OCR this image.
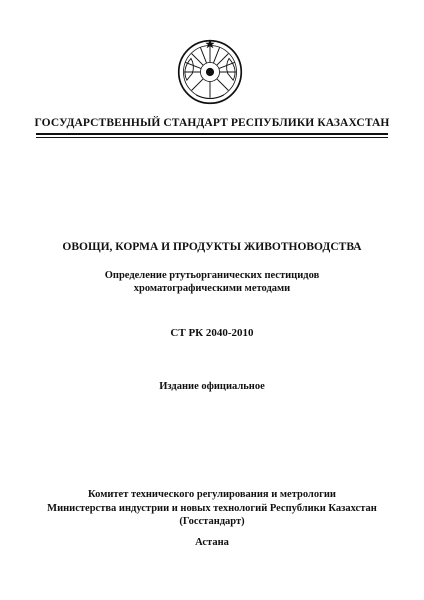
ГОСУДАРСТВЕННЫЙ СТАНДАРТ РЕСПУБЛИКИ КАЗАХСТАН
ОВОЩИ, КОРМА И ПРОДУКТЫ ЖИВОТНОВОДСТВА
Определение ртутьорганических пестицидов
хроматографическими методами
СТ РК 2040-2010
Издание официальное
Комитет технического регулирования и метрологии
Министерства индустрии и новых технологий Республики Казахстан
(Госстандарт)
Астана
